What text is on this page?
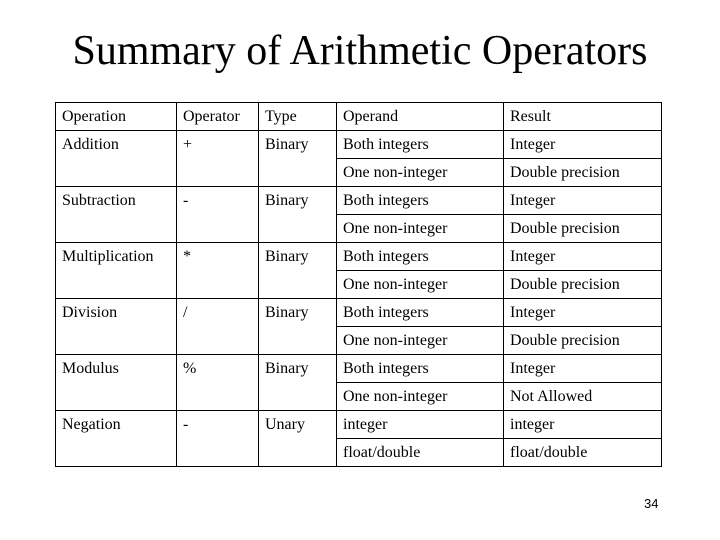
Summary of Arithmetic Operators
Operation	Operator	Type	Operand	Result
Addition	+	Binary	Both integers	Integer
			One non-integer	Double precision
Subtraction	-	Binary	Both integers	Integer
			One non-integer	Double precision
Multiplication	*	Binary	Both integers	Integer
			One non-integer	Double precision
Division	/	Binary	Both integers	Integer
			One non-integer	Double precision
Modulus	%	Binary	Both integers	Integer
			One non-integer	Not Allowed
Negation	-	Unary	integer	integer
			float/double	float/double
34
